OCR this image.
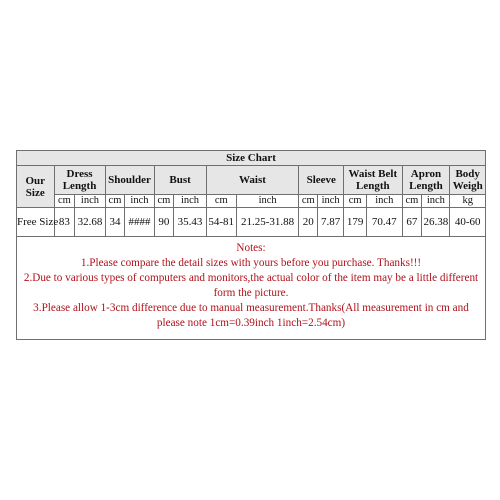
Size Chart															
Our Size	Dress Length		Shoulder		Bust		Waist		Sleeve		Waist Belt Length		Apron Length		Body Weigh
	cm	inch	cm	inch	cm	inch	cm	inch	cm	inch	cm	inch	cm	inch	kg
Free Size	83	32.68	34	####	90	35.43	54-81	21.25-31.88	20	7.87	179	70.47	67	26.38	40-60
Notes:
1.Please compare the detail sizes with yours before you purchase. Thanks!!!
2.Due to various types of computers and monitors,the actual color of the item may be a little different form the picture.
3.Please allow 1-3cm difference due to manual measurement.Thanks(All measurement in cm and please note 1cm=0.39inch 1inch=2.54cm)
